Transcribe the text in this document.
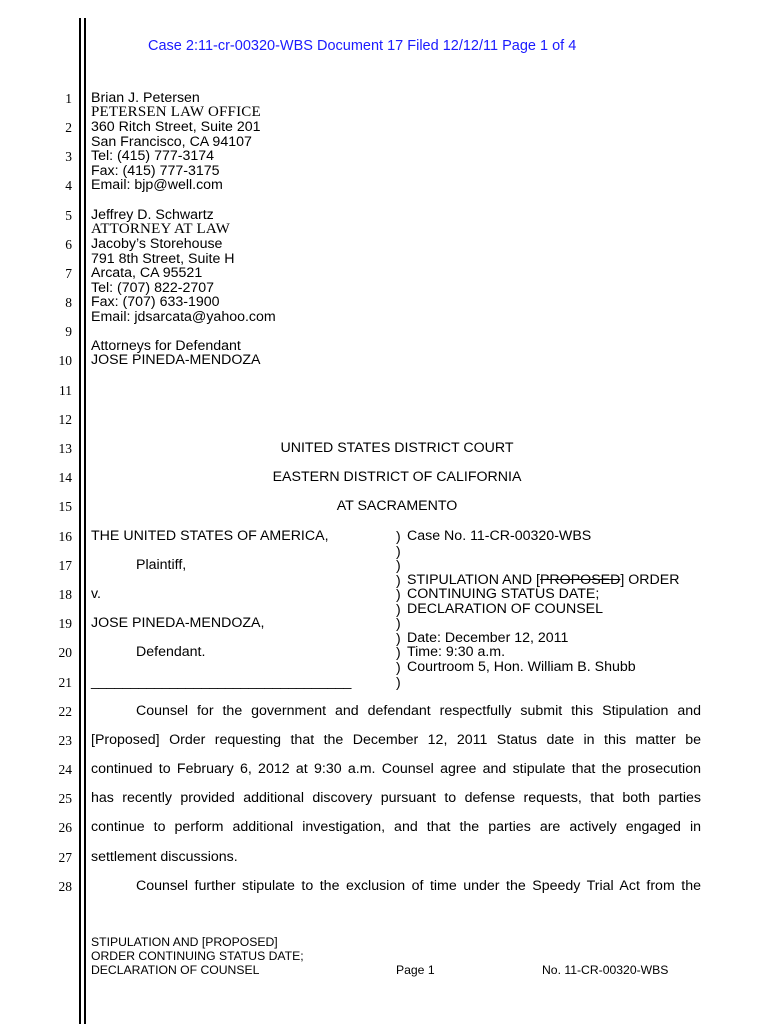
Case 2:11-cr-00320-WBS Document 17 Filed 12/12/11 Page 1 of 4
1
2
3
4
5
6
7
8
9
10
11
12
13
14
15
16
17
18
19
20
21
22
23
24
25
26
27
28
Brian J. Petersen
PETERSEN LAW OFFICE
360 Ritch Street, Suite 201
San Francisco, CA 94107
Tel: (415) 777-3174
Fax: (415) 777-3175
Email: bjp@well.com
Jeffrey D. Schwartz
ATTORNEY AT LAW
Jacoby’s Storehouse
791 8th Street, Suite H
Arcata, CA 95521
Tel: (707) 822-2707
Fax: (707) 633-1900
Email: jdsarcata@yahoo.com
Attorneys for Defendant
JOSE PINEDA-MENDOZA
UNITED STATES DISTRICT COURT
EASTERN DISTRICT OF CALIFORNIA
AT SACRAMENTO
THE UNITED STATES OF AMERICA,
Plaintiff,
v.
JOSE PINEDA-MENDOZA,
Defendant.
_________________________________
)
)
)
)
)
)
)
)
)
)
)
Case No. 11-CR-00320-WBS
STIPULATION AND [PROPOSED] ORDER
CONTINUING STATUS DATE;
DECLARATION OF COUNSEL
Date: December 12, 2011
Time: 9:30 a.m.
Courtroom 5, Hon. William B. Shubb
Counsel for the government and defendant respectfully submit this Stipulation and
[Proposed] Order requesting that the December 12, 2011 Status date in this matter be
continued to February 6, 2012 at 9:30 a.m. Counsel agree and stipulate that the prosecution
has recently provided additional discovery pursuant to defense requests, that both parties
continue to perform additional investigation, and that the parties are actively engaged in
settlement discussions.
Counsel further stipulate to the exclusion of time under the Speedy Trial Act from the
STIPULATION AND [PROPOSED]
ORDER CONTINUING STATUS DATE;
DECLARATION OF COUNSEL	Page 1	No. 11-CR-00320-WBS
